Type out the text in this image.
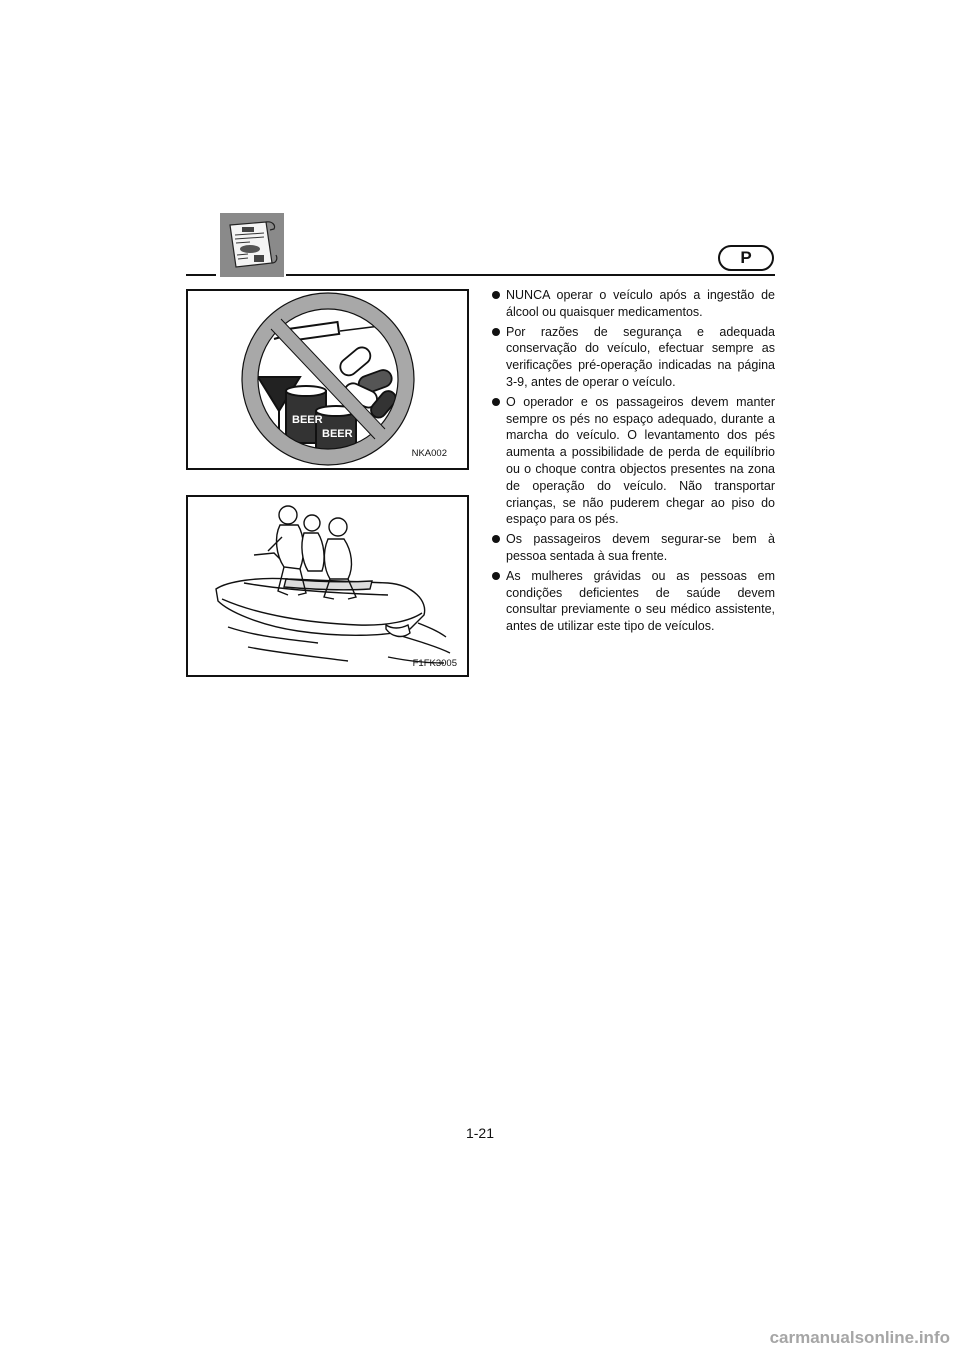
P
BEER
BEER
NKA002
F1FK3005
NUNCA operar o veículo após a ingestão de álcool ou quaisquer medicamentos.
Por razões de segurança e adequada conservação do veículo, efectuar sempre as verificações pré-operação indicadas na página 3-9, antes de operar o veículo.
O operador e os passageiros devem manter sempre os pés no espaço adequado, durante a marcha do veículo. O levantamento dos pés aumenta a possibilidade de perda de equilíbrio ou o choque contra objectos presentes na zona de operação do veículo. Não transportar crianças, se não puderem chegar ao piso do espaço para os pés.
Os passageiros devem segurar-se bem à pessoa sentada à sua frente.
As mulheres grávidas ou as pessoas em condições deficientes de saúde devem consultar previamente o seu médico assistente, antes de utilizar este tipo de veículos.
1-21
carmanualsonline.info
